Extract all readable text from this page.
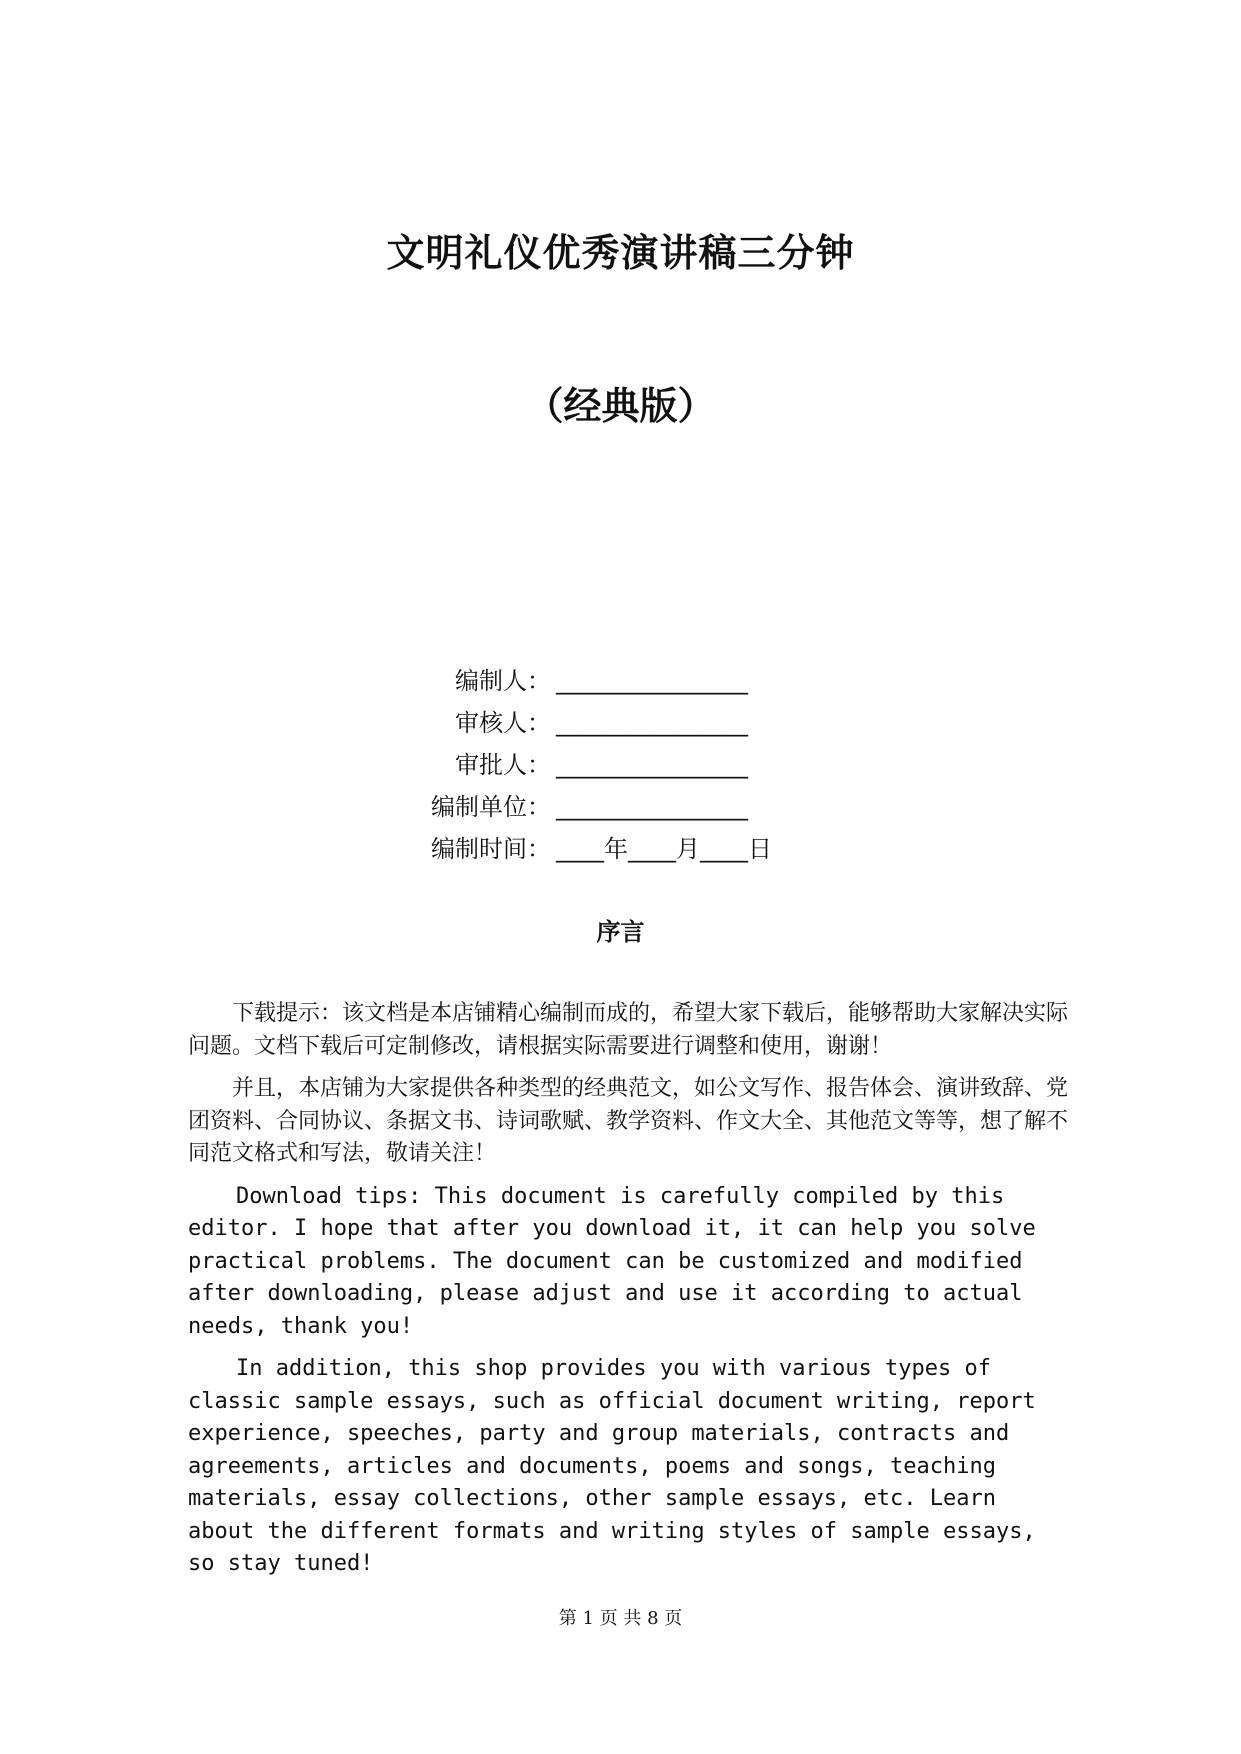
文明礼仪优秀演讲稿三分钟
（经典版）
编制人： ________________
审核人： ________________
审批人： ________________
编制单位： ________________
编制时间： ____年____月____日
序言

下载提示：该文档是本店铺精心编制而成的，希望大家下载后，能够帮助大家解决实际问题。文档下载后可定制修改，请根据实际需要进行调整和使用，谢谢！

并且，本店铺为大家提供各种类型的经典范文，如公文写作、报告体会、演讲致辞、党团资料、合同协议、条据文书、诗词歌赋、教学资料、作文大全、其他范文等等，想了解不同范文格式和写法，敬请关注！

Download tips: This document is carefully compiled by this editor. I hope that after you download it, it can help you solve practical problems. The document can be customized and modified after downloading, please adjust and use it according to actual needs, thank you!

In addition, this shop provides you with various types of classic sample essays, such as official document writing, report experience, speeches, party and group materials, contracts and agreements, articles and documents, poems and songs, teaching materials, essay collections, other sample essays, etc. Learn about the different formats and writing styles of sample essays, so stay tuned!

第 1 页 共 8 页
